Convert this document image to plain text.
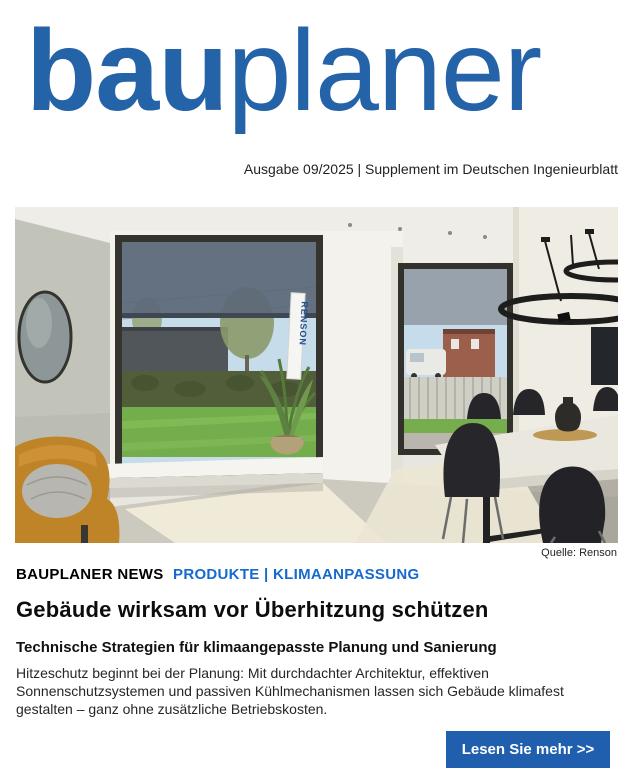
bauplaner
Ausgabe 09/2025 | Supplement im Deutschen Ingenieurblatt
RENSON
Quelle: Renson
BAUPLANER NEWS PRODUKTE | KLIMAANPASSUNG
Gebäude wirksam vor Überhitzung schützen
Technische Strategien für klimaangepasste Planung und Sanierung

Hitzeschutz beginnt bei der Planung: Mit durchdachter Architektur, effektiven Sonnenschutzsystemen und passiven Kühlmechanismen lassen sich Gebäude klimafest gestalten – ganz ohne zusätzliche Betriebskosten.

Lesen Sie mehr >>
